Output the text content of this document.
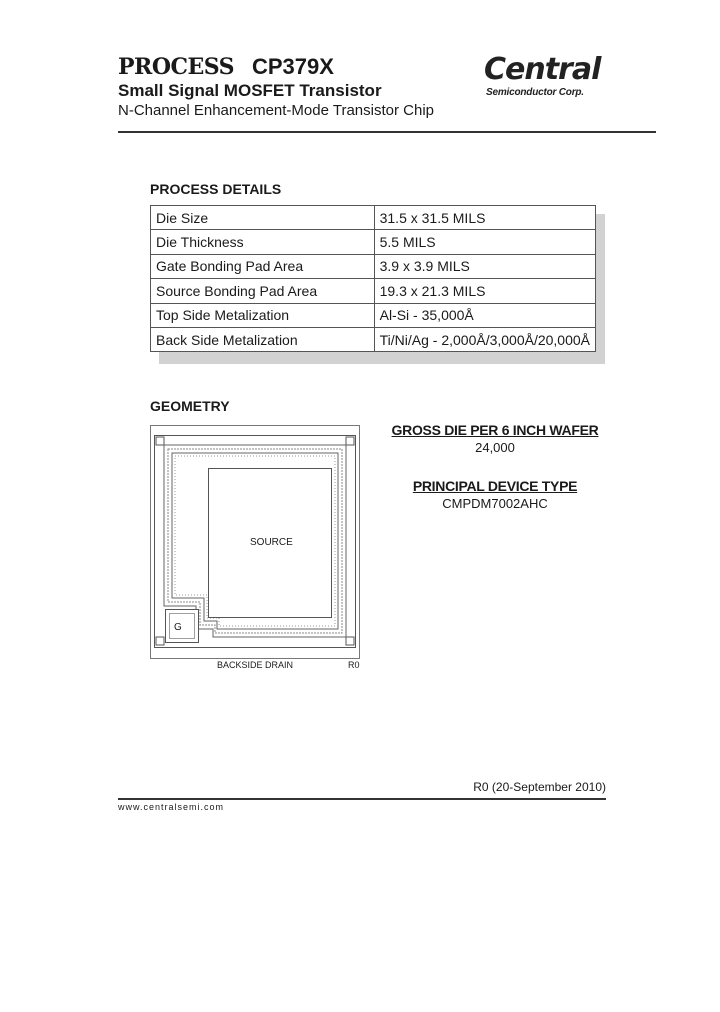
PROCESS CP379X
Small Signal MOSFET Transistor
N-Channel Enhancement-Mode Transistor Chip
Central
Semiconductor Corp.
PROCESS DETAILS
Die Size	31.5 x 31.5 MILS
Die Thickness	5.5 MILS
Gate Bonding Pad Area	3.9 x 3.9 MILS
Source Bonding Pad Area	19.3 x 21.3 MILS
Top Side Metalization	Al-Si - 35,000Å
Back Side Metalization	Ti/Ni/Ag - 2,000Å/3,000Å/20,000Å
GEOMETRY
SOURCE
G
BACKSIDE DRAIN	R0
GROSS DIE PER 6 INCH WAFER
24,000
PRINCIPAL DEVICE TYPE
CMPDM7002AHC
R0 (20-September 2010)
www.centralsemi.com
